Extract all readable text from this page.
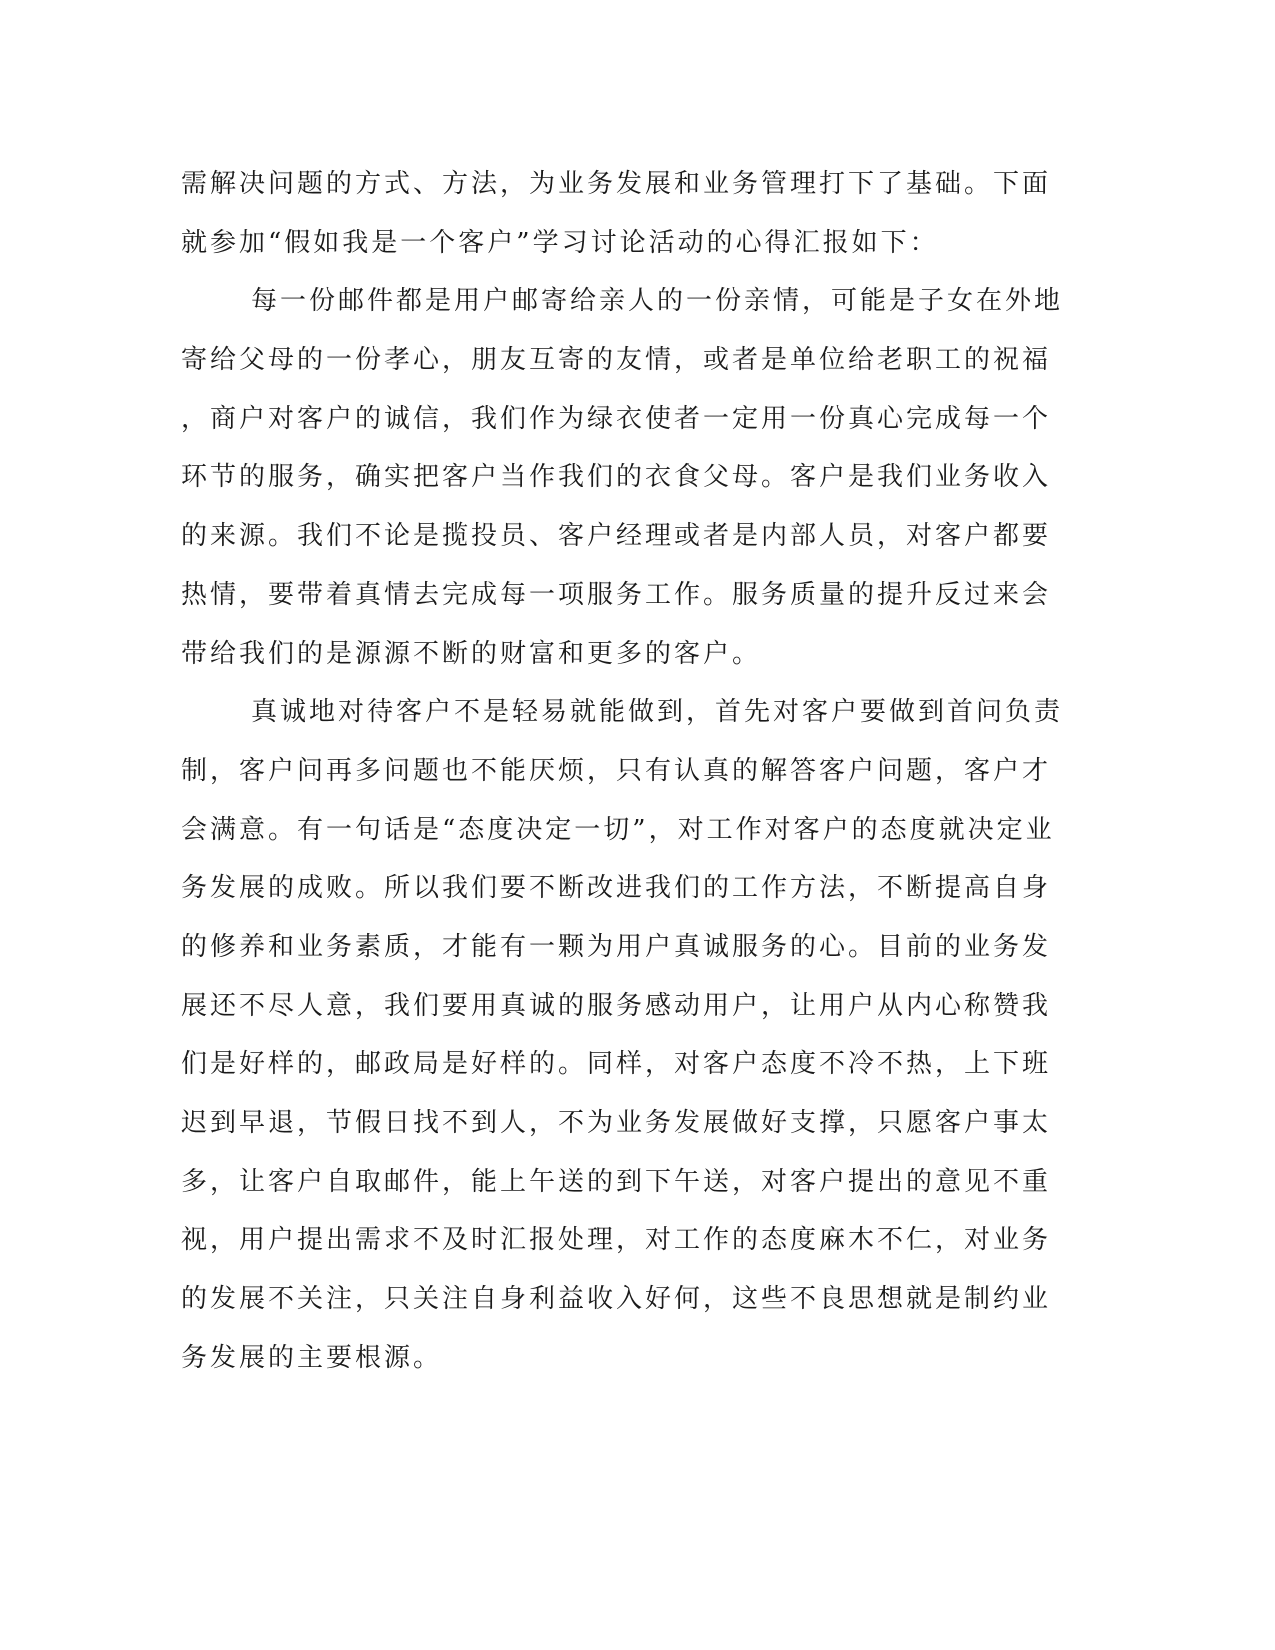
需解决问题的方式、方法，为业务发展和业务管理打下了基础。下面
就参加“假如我是一个客户”学习讨论活动的心得汇报如下：
每一份邮件都是用户邮寄给亲人的一份亲情，可能是子女在外地
寄给父母的一份孝心，朋友互寄的友情，或者是单位给老职工的祝福
，商户对客户的诚信，我们作为绿衣使者一定用一份真心完成每一个
环节的服务，确实把客户当作我们的衣食父母。客户是我们业务收入
的来源。我们不论是揽投员、客户经理或者是内部人员，对客户都要
热情，要带着真情去完成每一项服务工作。服务质量的提升反过来会
带给我们的是源源不断的财富和更多的客户。
真诚地对待客户不是轻易就能做到，首先对客户要做到首问负责
制，客户问再多问题也不能厌烦，只有认真的解答客户问题，客户才
会满意。有一句话是“态度决定一切”，对工作对客户的态度就决定业
务发展的成败。所以我们要不断改进我们的工作方法，不断提高自身
的修养和业务素质，才能有一颗为用户真诚服务的心。目前的业务发
展还不尽人意，我们要用真诚的服务感动用户，让用户从内心称赞我
们是好样的，邮政局是好样的。同样，对客户态度不冷不热，上下班
迟到早退，节假日找不到人，不为业务发展做好支撑，只愿客户事太
多，让客户自取邮件，能上午送的到下午送，对客户提出的意见不重
视，用户提出需求不及时汇报处理，对工作的态度麻木不仁，对业务
的发展不关注，只关注自身利益收入好何，这些不良思想就是制约业
务发展的主要根源。
